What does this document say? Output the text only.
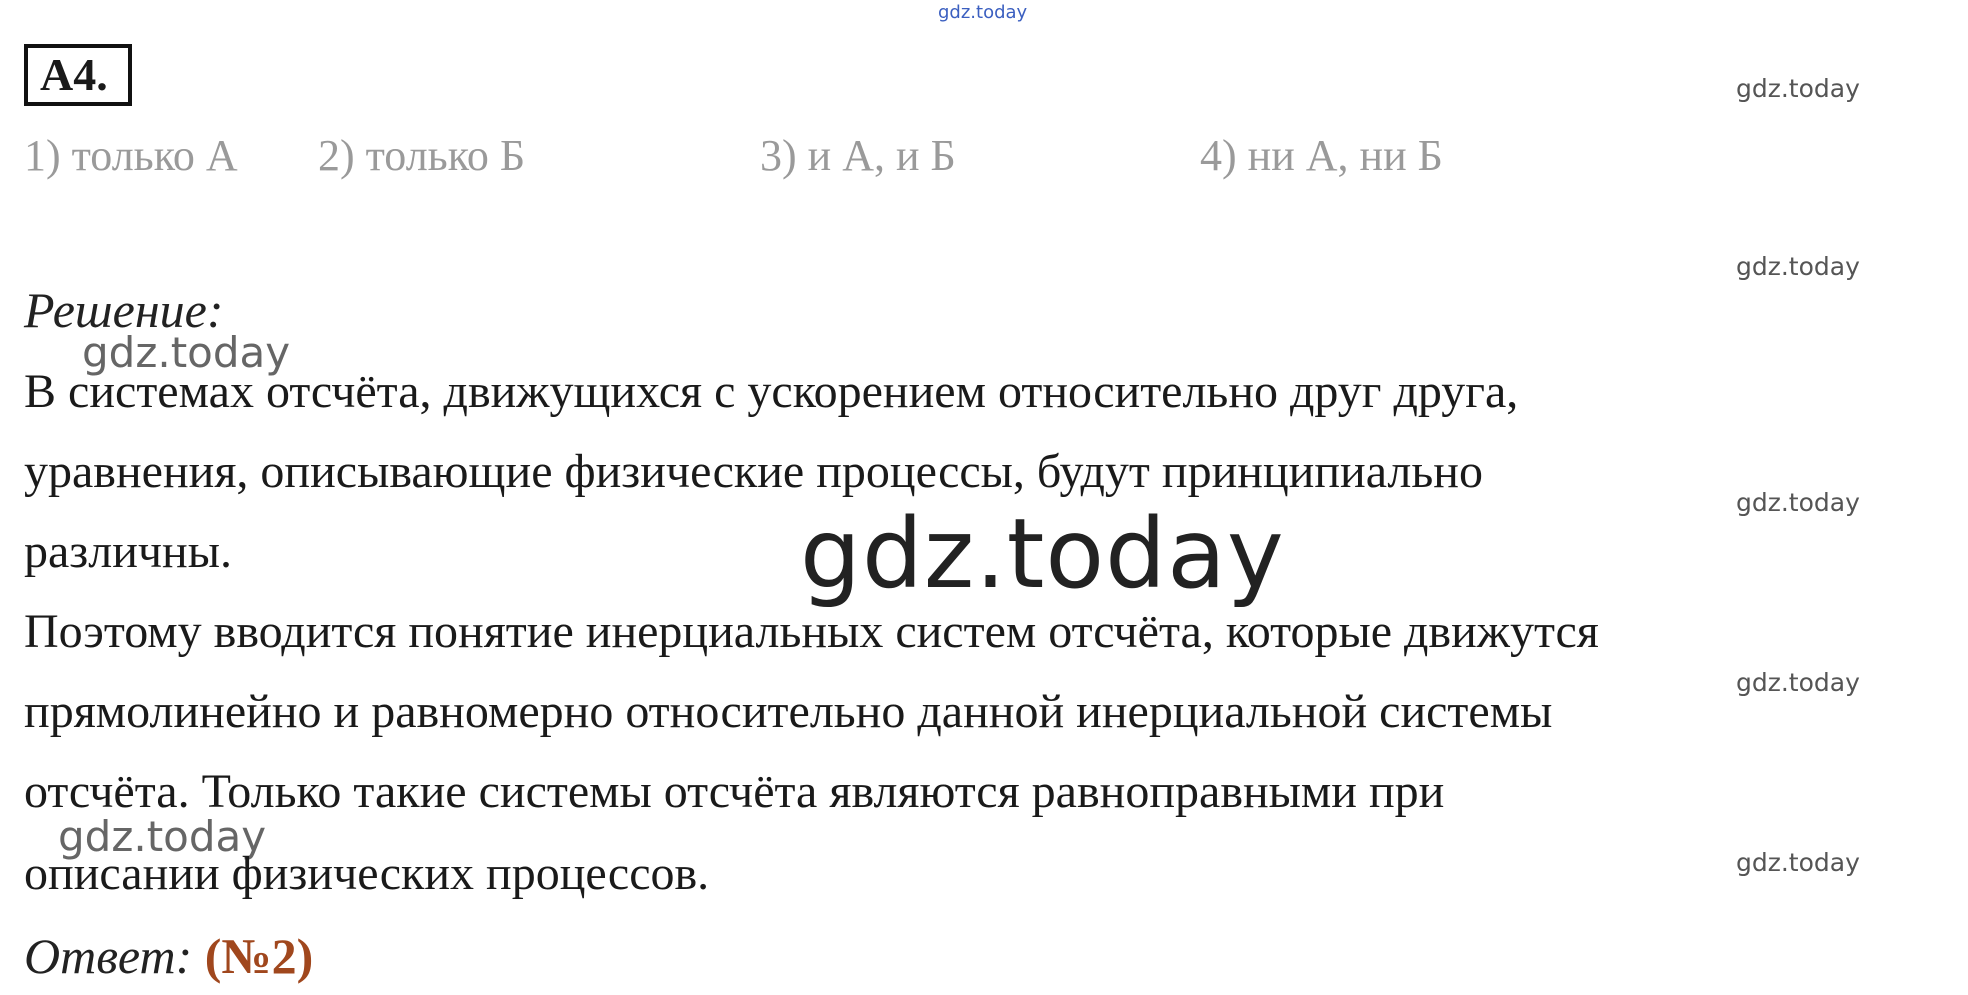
gdz.today
A4.
1) только А 2) только Б	3) и А, и Б	4) ни А, ни Б
gdz.today
gdz.today
gdz.today
gdz.today
gdz.today
Решение:
gdz.today
В системах отсчёта, движущихся с ускорением относительно друг друга,
уравнения, описывающие физические процессы, будут принципиально
различны.	gdz.today
Поэтому вводится понятие инерциальных систем отсчёта, которые движутся
прямолинейно и равномерно относительно данной инерциальной системы
отсчёта. Только такие системы отсчёта являются равноправными при
gdz.today
описании физических процессов.
Ответ: (№2)
